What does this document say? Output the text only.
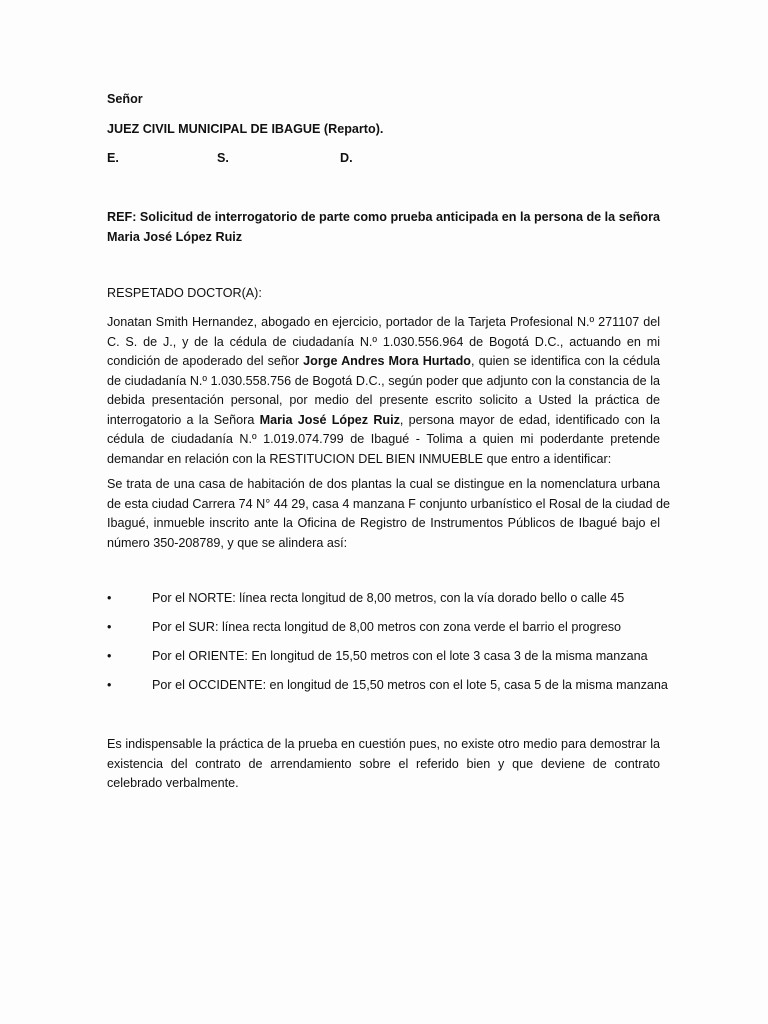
Señor

JUEZ CIVIL MUNICIPAL DE IBAGUE (Reparto).

E.	S.	D.
REF: Solicitud de interrogatorio de parte como prueba anticipada en la persona de la señora
Maria José López Ruiz

RESPETADO DOCTOR(A):

Jonatan Smith Hernandez, abogado en ejercicio, portador de la Tarjeta Profesional N.º 271107 del
C. S. de J., y de la cédula de ciudadanía N.º 1.030.556.964 de Bogotá D.C., actuando en mi
condición de apoderado del señor Jorge Andres Mora Hurtado, quien se identifica con la cédula
de ciudadanía N.º 1.030.558.756 de Bogotá D.C., según poder que adjunto con la constancia de la
debida presentación personal, por medio del presente escrito solicito a Usted la práctica de
interrogatorio a la Señora Maria José López Ruiz, persona mayor de edad, identificado con la
cédula de ciudadanía N.º 1.019.074.799 de Ibagué - Tolima a quien mi poderdante pretende
demandar en relación con la RESTITUCION DEL BIEN INMUEBLE que entro a identificar:
Se trata de una casa de habitación de dos plantas la cual se distingue en la nomenclatura urbana
de esta ciudad Carrera 74 N° 44 29, casa 4 manzana F conjunto urbanístico el Rosal de la ciudad de
Ibagué, inmueble inscrito ante la Oficina de Registro de Instrumentos Públicos de Ibagué bajo el
número 350-208789, y que se alindera así:
•	Por el NORTE: línea recta longitud de 8,00 metros, con la vía dorado bello o calle 45
•	Por el SUR: línea recta longitud de 8,00 metros con zona verde el barrio el progreso
•	Por el ORIENTE: En longitud de 15,50 metros con el lote 3 casa 3 de la misma manzana
•	Por el OCCIDENTE: en longitud de 15,50 metros con el lote 5, casa 5 de la misma manzana
Es indispensable la práctica de la prueba en cuestión pues, no existe otro medio para demostrar la
existencia del contrato de arrendamiento sobre el referido bien y que deviene de contrato
celebrado verbalmente.
